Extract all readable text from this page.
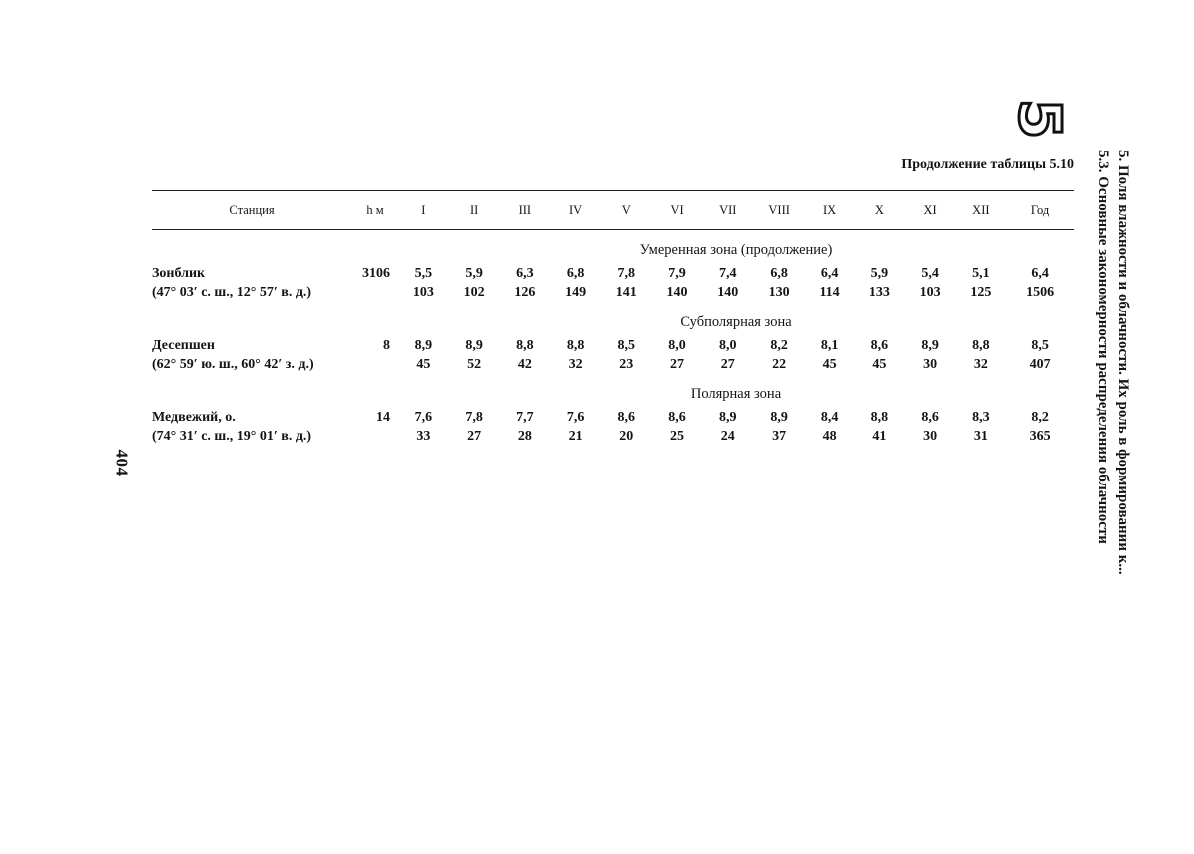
404
5
5. Поля влажности и облачности. Их роль в формировании к...
5.3. Основные закономерности распределения облачности
Продолжение таблицы 5.10
Станция	h м	I	II	III	IV	V	VI	VII	VIII	IX	X	XI	XII	Год
		Умеренная зона (продолжение)												
Зонблик	3106	5,5	5,9	6,3	6,8	7,8	7,9	7,4	6,8	6,4	5,9	5,4	5,1	6,4
(47° 03′ с. ш., 12° 57′ в. д.)		103	102	126	149	141	140	140	130	114	133	103	125	1506
		Субполярная зона												
Десепшен	8	8,9	8,9	8,8	8,8	8,5	8,0	8,0	8,2	8,1	8,6	8,9	8,8	8,5
(62° 59′ ю. ш., 60° 42′ з. д.)		45	52	42	32	23	27	27	22	45	45	30	32	407
		Полярная зона												
Медвежий, о.	14	7,6	7,8	7,7	7,6	8,6	8,6	8,9	8,9	8,4	8,8	8,6	8,3	8,2
(74° 31′ с. ш., 19° 01′ в. д.)		33	27	28	21	20	25	24	37	48	41	30	31	365
